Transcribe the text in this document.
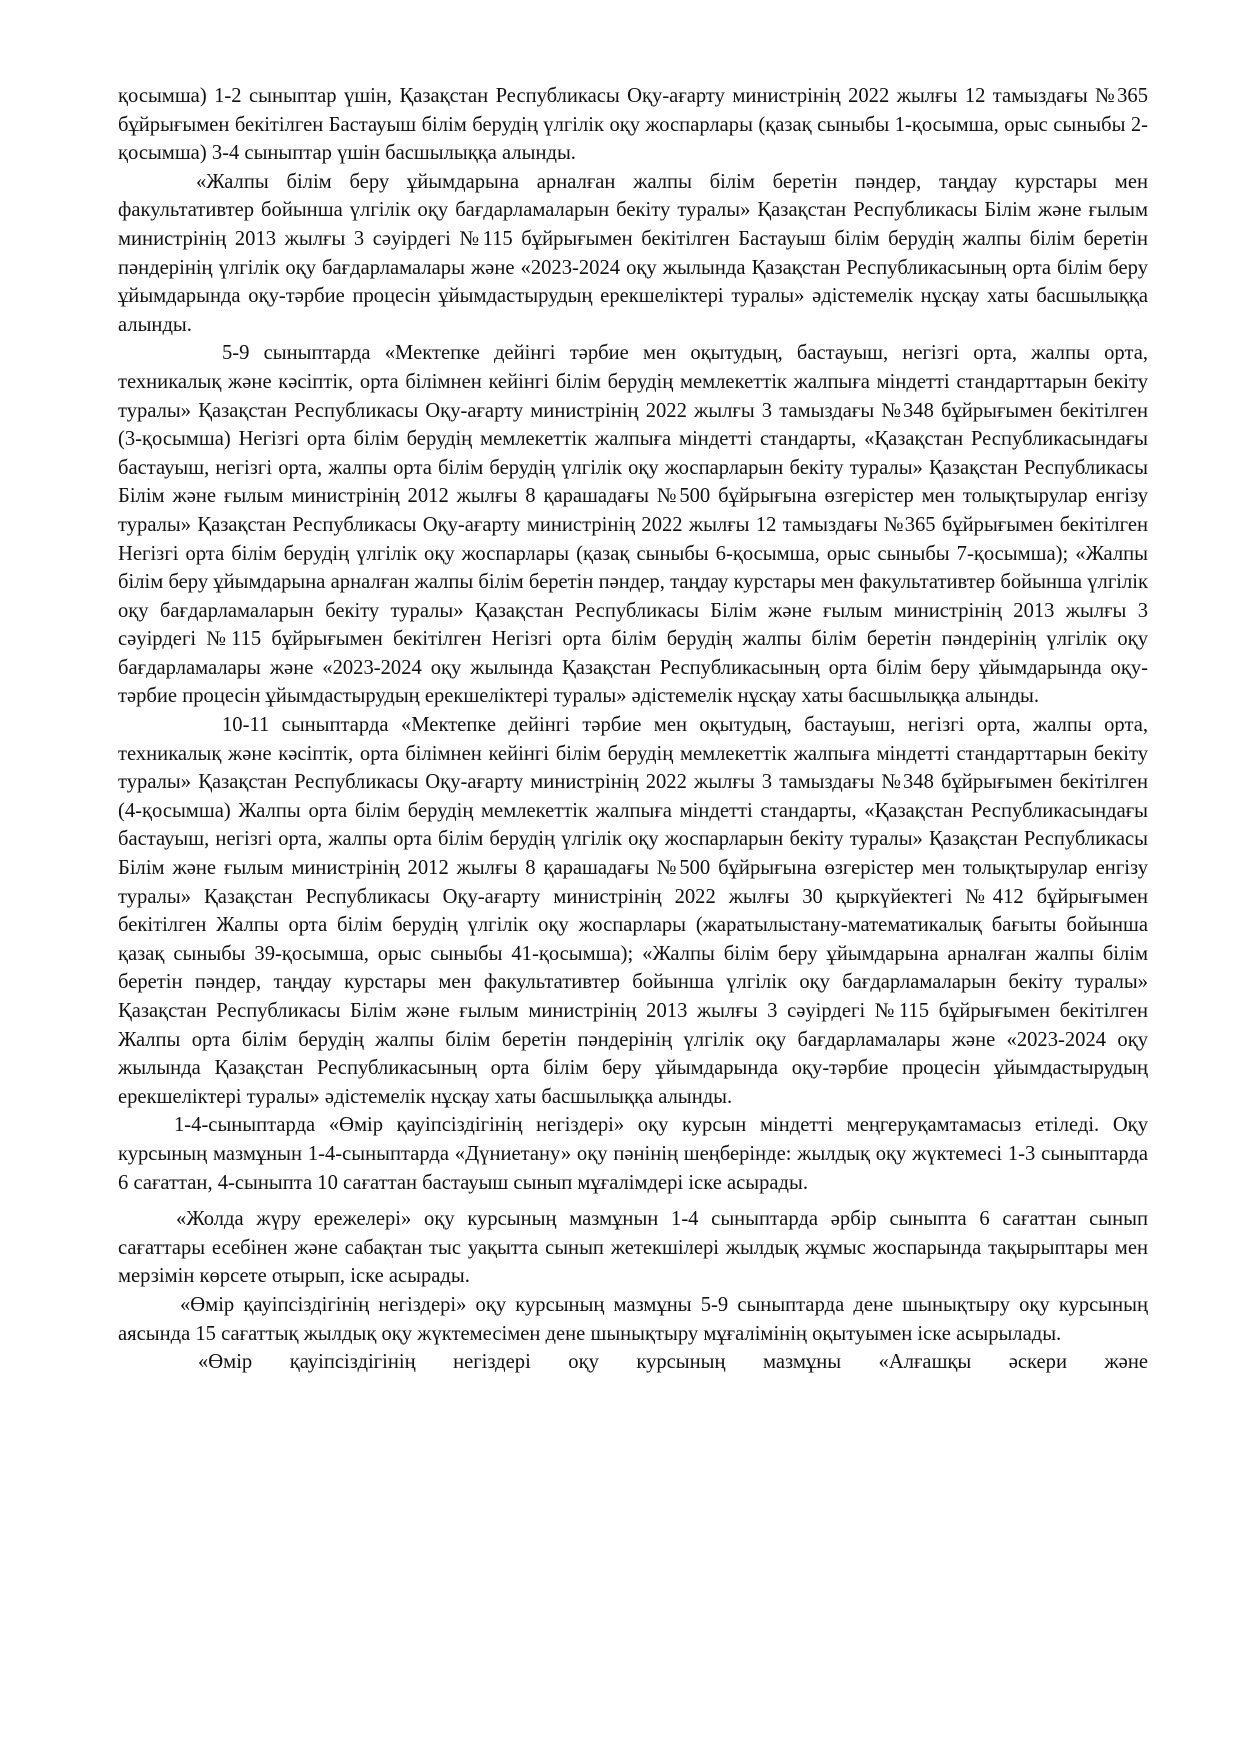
қосымша) 1-2 сыныптар үшін, Қазақстан Республикасы Оқу-ағарту министрінің 2022 жылғы 12 тамыздағы №365 бұйрығымен бекітілген Бастауыш білім берудің үлгілік оқу жоспарлары (қазақ сыныбы 1-қосымша, орыс сыныбы 2-қосымша) 3-4 сыныптар үшін басшылыққа алынды.

«Жалпы білім беру ұйымдарына арналған жалпы білім беретін пәндер, таңдау курстары мен факультативтер бойынша үлгілік оқу бағдарламаларын бекіту туралы» Қазақстан Республикасы Білім және ғылым министрінің 2013 жылғы 3 сәуірдегі №115 бұйрығымен бекітілген Бастауыш білім берудің жалпы білім беретін пәндерінің үлгілік оқу бағдарламалары және «2023-2024 оқу жылында Қазақстан Республикасының орта білім беру ұйымдарында оқу-тәрбие процесін ұйымдастырудың ерекшеліктері туралы» әдістемелік нұсқау хаты басшылыққа алынды.

5-9 сыныптарда «Мектепке дейінгі тәрбие мен оқытудың, бастауыш, негізгі орта, жалпы орта, техникалық және кәсіптік, орта білімнен кейінгі білім берудің мемлекеттік жалпыға міндетті стандарттарын бекіту туралы» Қазақстан Республикасы Оқу-ағарту министрінің 2022 жылғы 3 тамыздағы №348 бұйрығымен бекітілген (3-қосымша) Негізгі орта білім берудің мемлекеттік жалпыға міндетті стандарты, «Қазақстан Республикасындағы бастауыш, негізгі орта, жалпы орта білім берудің үлгілік оқу жоспарларын бекіту туралы» Қазақстан Республикасы Білім және ғылым министрінің 2012 жылғы 8 қарашадағы №500 бұйрығына өзгерістер мен толықтырулар енгізу туралы» Қазақстан Республикасы Оқу-ағарту министрінің 2022 жылғы 12 тамыздағы №365 бұйрығымен бекітілген Негізгі орта білім берудің үлгілік оқу жоспарлары (қазақ сыныбы 6-қосымша, орыс сыныбы 7-қосымша); «Жалпы білім беру ұйымдарына арналған жалпы білім беретін пәндер, таңдау курстары мен факультативтер бойынша үлгілік оқу бағдарламаларын бекіту туралы» Қазақстан Республикасы Білім және ғылым министрінің 2013 жылғы 3 сәуірдегі №115 бұйрығымен бекітілген Негізгі орта білім берудің жалпы білім беретін пәндерінің үлгілік оқу бағдарламалары және «2023-2024 оқу жылында Қазақстан Республикасының орта білім беру ұйымдарында оқу-тәрбие процесін ұйымдастырудың ерекшеліктері туралы» әдістемелік нұсқау хаты басшылыққа алынды.

10-11 сыныптарда «Мектепке дейінгі тәрбие мен оқытудың, бастауыш, негізгі орта, жалпы орта, техникалық және кәсіптік, орта білімнен кейінгі білім берудің мемлекеттік жалпыға міндетті стандарттарын бекіту туралы» Қазақстан Республикасы Оқу-ағарту министрінің 2022 жылғы 3 тамыздағы №348 бұйрығымен бекітілген (4-қосымша) Жалпы орта білім берудің мемлекеттік жалпыға міндетті стандарты, «Қазақстан Республикасындағы бастауыш, негізгі орта, жалпы орта білім берудің үлгілік оқу жоспарларын бекіту туралы» Қазақстан Республикасы Білім және ғылым министрінің 2012 жылғы 8 қарашадағы №500 бұйрығына өзгерістер мен толықтырулар енгізу туралы» Қазақстан Республикасы Оқу-ағарту министрінің 2022 жылғы 30 қыркүйектегі №412 бұйрығымен бекітілген Жалпы орта білім берудің үлгілік оқу жоспарлары (жаратылыстану-математикалық бағыты бойынша қазақ сыныбы 39-қосымша, орыс сыныбы 41-қосымша); «Жалпы білім беру ұйымдарына арналған жалпы білім беретін пәндер, таңдау курстары мен факультативтер бойынша үлгілік оқу бағдарламаларын бекіту туралы» Қазақстан Республикасы Білім және ғылым министрінің 2013 жылғы 3 сәуірдегі №115 бұйрығымен бекітілген Жалпы орта білім берудің жалпы білім беретін пәндерінің үлгілік оқу бағдарламалары және «2023-2024 оқу жылында Қазақстан Республикасының орта білім беру ұйымдарында оқу-тәрбие процесін ұйымдастырудың ерекшеліктері туралы» әдістемелік нұсқау хаты басшылыққа алынды.

1-4-сыныптарда «Өмір қауіпсіздігінің негіздері» оқу курсын міндетті меңгеруқамтамасыз етіледі. Оқу курсының мазмұнын 1-4-сыныптарда «Дүниетану» оқу пәнінің шеңберінде: жылдық оқу жүктемесі 1-3 сыныптарда 6 сағаттан, 4-сыныпта 10 сағаттан бастауыш сынып мұғалімдері іске асырады.

«Жолда жүру ережелері» оқу курсының мазмұнын 1-4 сыныптарда әрбір сыныпта 6 сағаттан сынып сағаттары есебінен және сабақтан тыс уақытта сынып жетекшілері жылдық жұмыс жоспарында тақырыптары мен мерзімін көрсете отырып, іске асырады.

«Өмір қауіпсіздігінің негіздері» оқу курсының мазмұны 5-9 сыныптарда дене шынықтыру оқу курсының аясында 15 сағаттық жылдық оқу жүктемесімен дене шынықтыру мұғалімінің оқытуымен іске асырылады.

«Өмір қауіпсіздігінің негіздері оқу курсының мазмұны «Алғашқы әскери және
